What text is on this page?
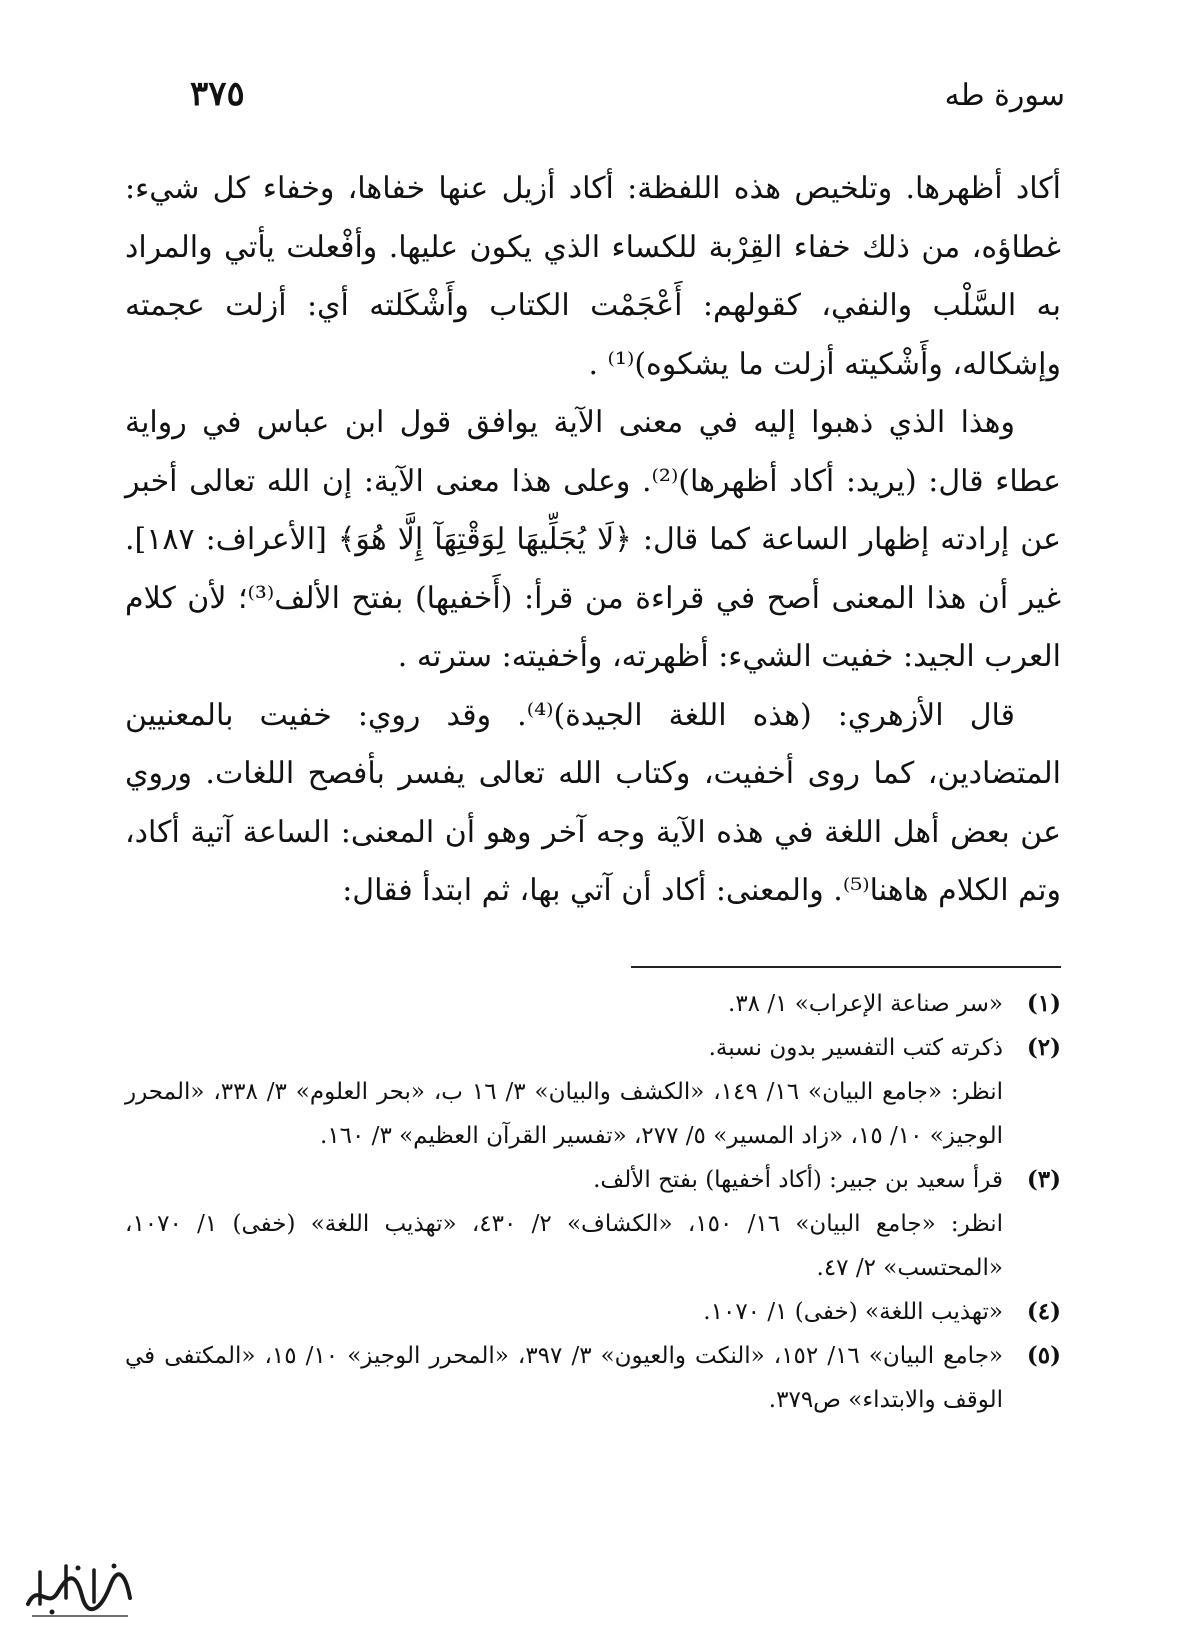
سورة طه
٣٧٥

أكاد أظهرها. وتلخيص هذه اللفظة: أكاد أزيل عنها خفاها، وخفاء كل شيء: غطاؤه، من ذلك خفاء القِرْبة للكساء الذي يكون عليها. وأفْعلت يأتي والمراد به السَّلْب والنفي، كقولهم: أَعْجَمْت الكتاب وأَشْكَلته أي: أزلت عجمته وإشكاله، وأَشْكيته أزلت ما يشكوه)⁽¹⁾ .

وهذا الذي ذهبوا إليه في معنى الآية يوافق قول ابن عباس في رواية عطاء قال: (يريد: أكاد أظهرها)⁽²⁾. وعلى هذا معنى الآية: إن الله تعالى أخبر عن إرادته إظهار الساعة كما قال: ﴿لَا يُجَلِّيهَا لِوَقْتِهَآ إِلَّا هُوَ﴾ [الأعراف: ١٨٧]. غير أن هذا المعنى أصح في قراءة من قرأ: (أَخفيها) بفتح الألف⁽³⁾؛ لأن كلام العرب الجيد: خفيت الشيء: أظهرته، وأخفيته: سترته .

قال الأزهري: (هذه اللغة الجيدة)⁽⁴⁾. وقد روي: خفيت بالمعنيين المتضادين، كما روى أخفيت، وكتاب الله تعالى يفسر بأفصح اللغات. وروي عن بعض أهل اللغة في هذه الآية وجه آخر وهو أن المعنى: الساعة آتية أكاد، وتم الكلام هاهنا⁽⁵⁾. والمعنى: أكاد أن آتي بها، ثم ابتدأ فقال:

(١)
«سر صناعة الإعراب» ١/ ٣٨.
(٢)
ذكرته كتب التفسير بدون نسبة.
انظر: «جامع البيان» ١٦/ ١٤٩، «الكشف والبيان» ٣/ ١٦ ب، «بحر العلوم» ٣/ ٣٣٨، «المحرر الوجيز» ١٠/ ١٥، «زاد المسير» ٥/ ٢٧٧، «تفسير القرآن العظيم» ٣/ ١٦٠.
(٣)
قرأ سعيد بن جبير: (أكاد أخفيها) بفتح الألف.
انظر: «جامع البيان» ١٦/ ١٥٠، «الكشاف» ٢/ ٤٣٠، «تهذيب اللغة» (خفى) ١/ ١٠٧٠، «المحتسب» ٢/ ٤٧.
(٤)
«تهذيب اللغة» (خفى) ١/ ١٠٧٠.
(٥)
«جامع البيان» ١٦/ ١٥٢، «النكت والعيون» ٣/ ٣٩٧، «المحرر الوجيز» ١٠/ ١٥، «المكتفى في الوقف والابتداء» ص٣٧٩.
